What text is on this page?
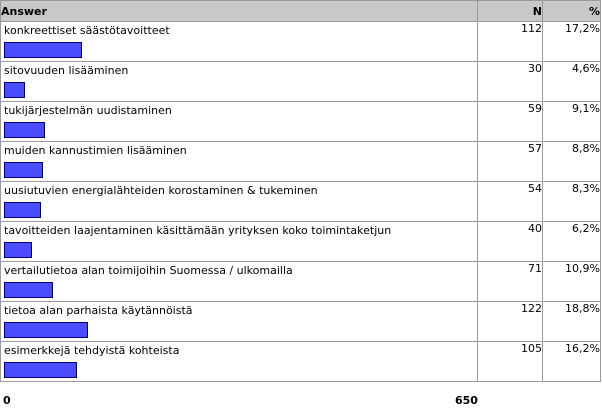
Answer	N	%

konkreettiset säästötavoitteet	112	17,2%

sitovuuden lisääminen	30	4,6%

tukijärjestelmän uudistaminen	59	9,1%

muiden kannustimien lisääminen	57	8,8%

uusiutuvien energialähteiden korostaminen & tukeminen	54	8,3%

tavoitteiden laajentaminen käsittämään yrityksen koko toimintaketjun	40	6,2%

vertailutietoa alan toimijoihin Suomessa / ulkomailla	71	10,9%

tietoa alan parhaista käytännöistä	122	18,8%

esimerkkejä tehdyistä kohteista	105	16,2%
0	650
